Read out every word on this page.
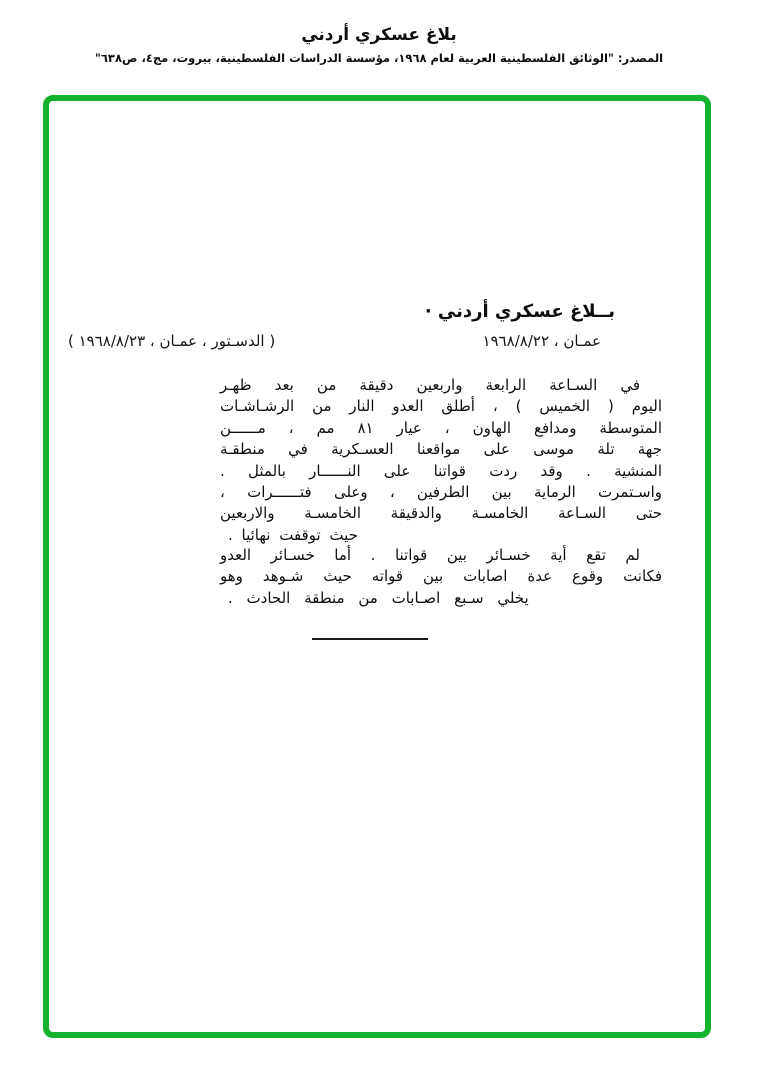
بلاغ عسكري أردني
المصدر: "الوثائق الفلسطينية العربية لعام ١٩٦٨، مؤسسة الدراسات الفلسطينية، بيروت، مج٤، ص٦٣٨"
بــلاغ عسكري أردني ·
عمـان ، ١٩٦٨/٨/٢٢
( الدسـتور ، عمـان ، ١٩٦٨/٨/٢٣ )
في السـاعة الرابعة واربعين دقيقة من بعد ظهـر
اليوم ( الخميس ) ، أطلق العدو النار من الرشـاشـات
المتوسطة ومدافع الهاون ، عيار ٨١ مم ، مــــــن
جهة تلة موسى على مواقعنا العسـكرية في منطقـة
المنشية . وقد ردت قواتنا على النــــــار بالمثل .
واسـتمرت الرماية بين الطرفين ، وعلى فتــــــرات ،
حتى السـاعة الخامسـة والدقيقة الخامسـة والاربعين
حيث توقفت نهائيا .
لم تقع أية خسـائر بين قواتنا . أما خسـائر العدو
فكانت وقوع عدة اصابات بين قواته حيث شـوهد وهو
يخلي سـبع اصـابات من منطقة الحادث .
